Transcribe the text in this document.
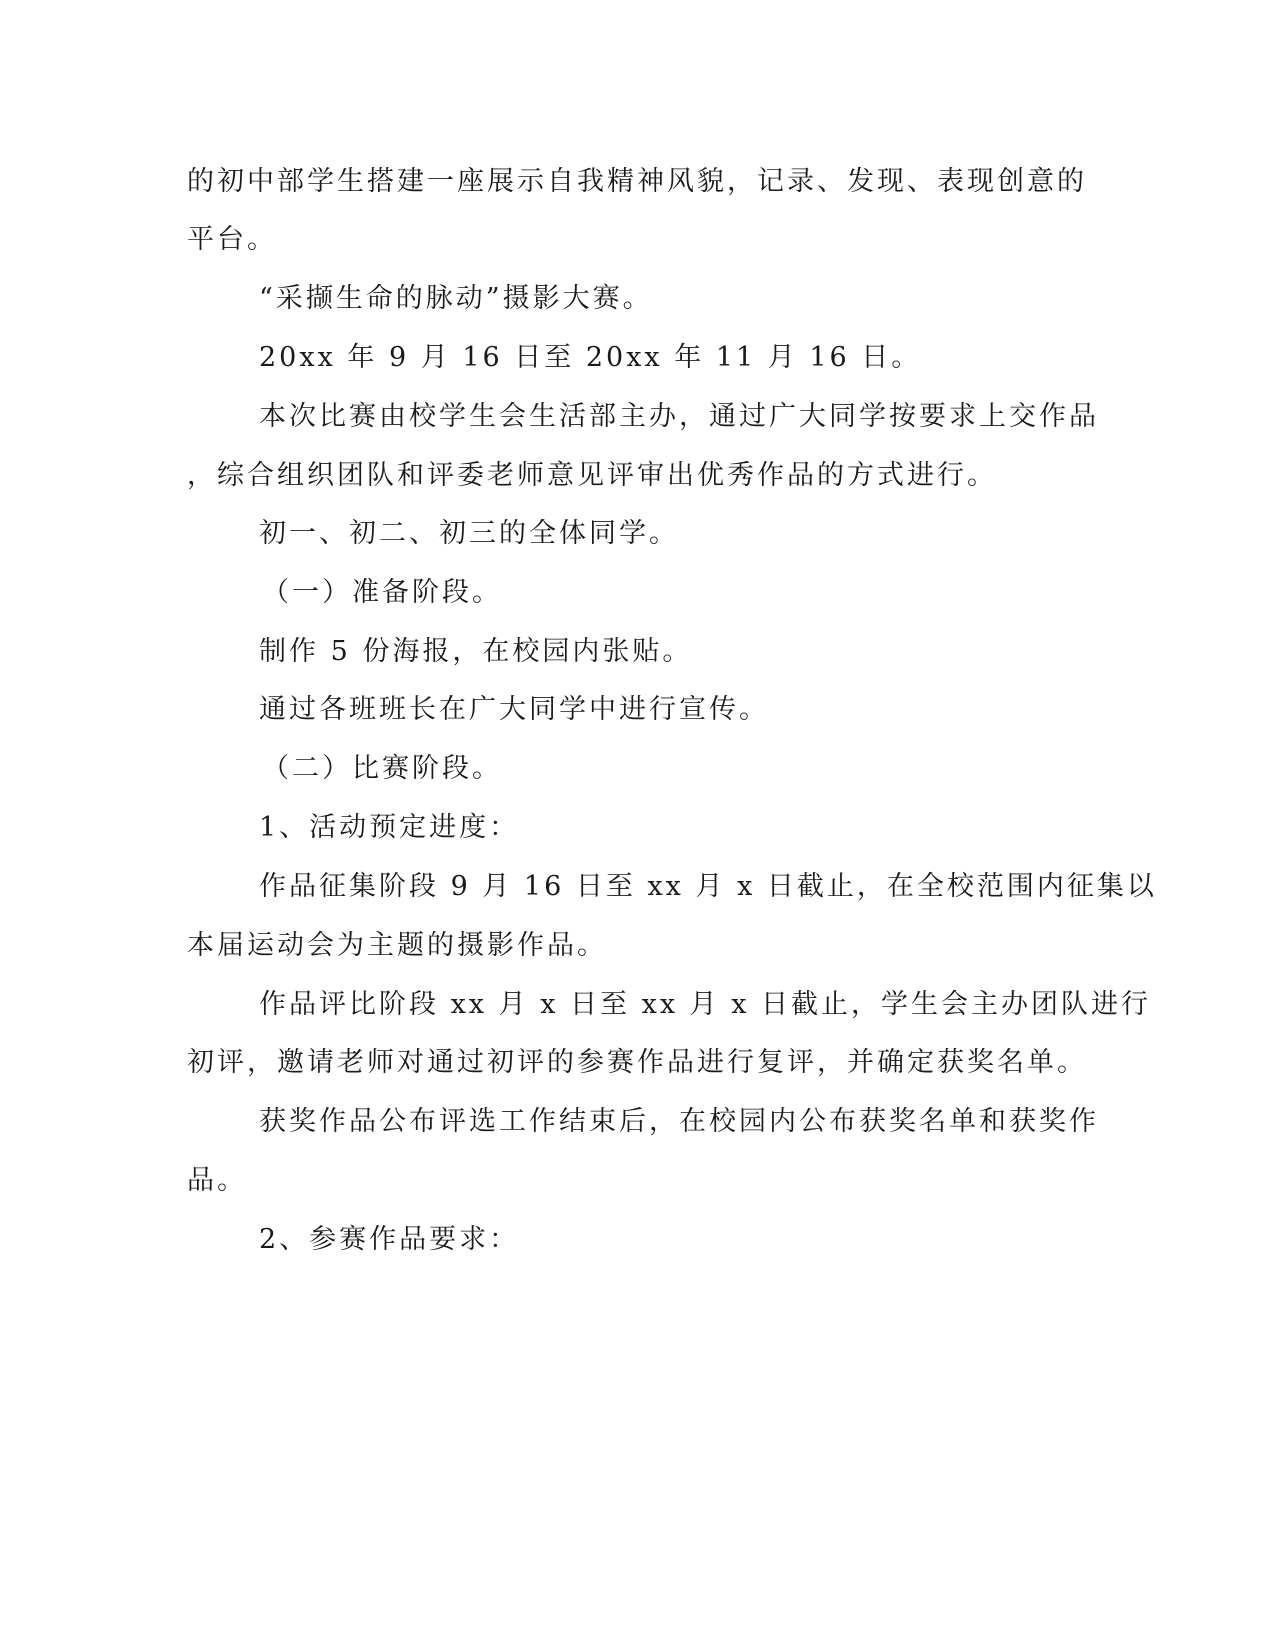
的初中部学生搭建一座展示自我精神风貌，记录、发现、表现创意的
平台。
“采撷生命的脉动”摄影大赛。
20xx 年 9 月 16 日至 20xx 年 11 月 16 日。
本次比赛由校学生会生活部主办，通过广大同学按要求上交作品
，综合组织团队和评委老师意见评审出优秀作品的方式进行。
初一、初二、初三的全体同学。
（一）准备阶段。
制作 5 份海报，在校园内张贴。
通过各班班长在广大同学中进行宣传。
（二）比赛阶段。
1、活动预定进度：
作品征集阶段 9 月 16 日至 xx 月 x 日截止，在全校范围内征集以
本届运动会为主题的摄影作品。
作品评比阶段 xx 月 x 日至 xx 月 x 日截止，学生会主办团队进行
初评，邀请老师对通过初评的参赛作品进行复评，并确定获奖名单。
获奖作品公布评选工作结束后，在校园内公布获奖名单和获奖作
品。
2、参赛作品要求：
